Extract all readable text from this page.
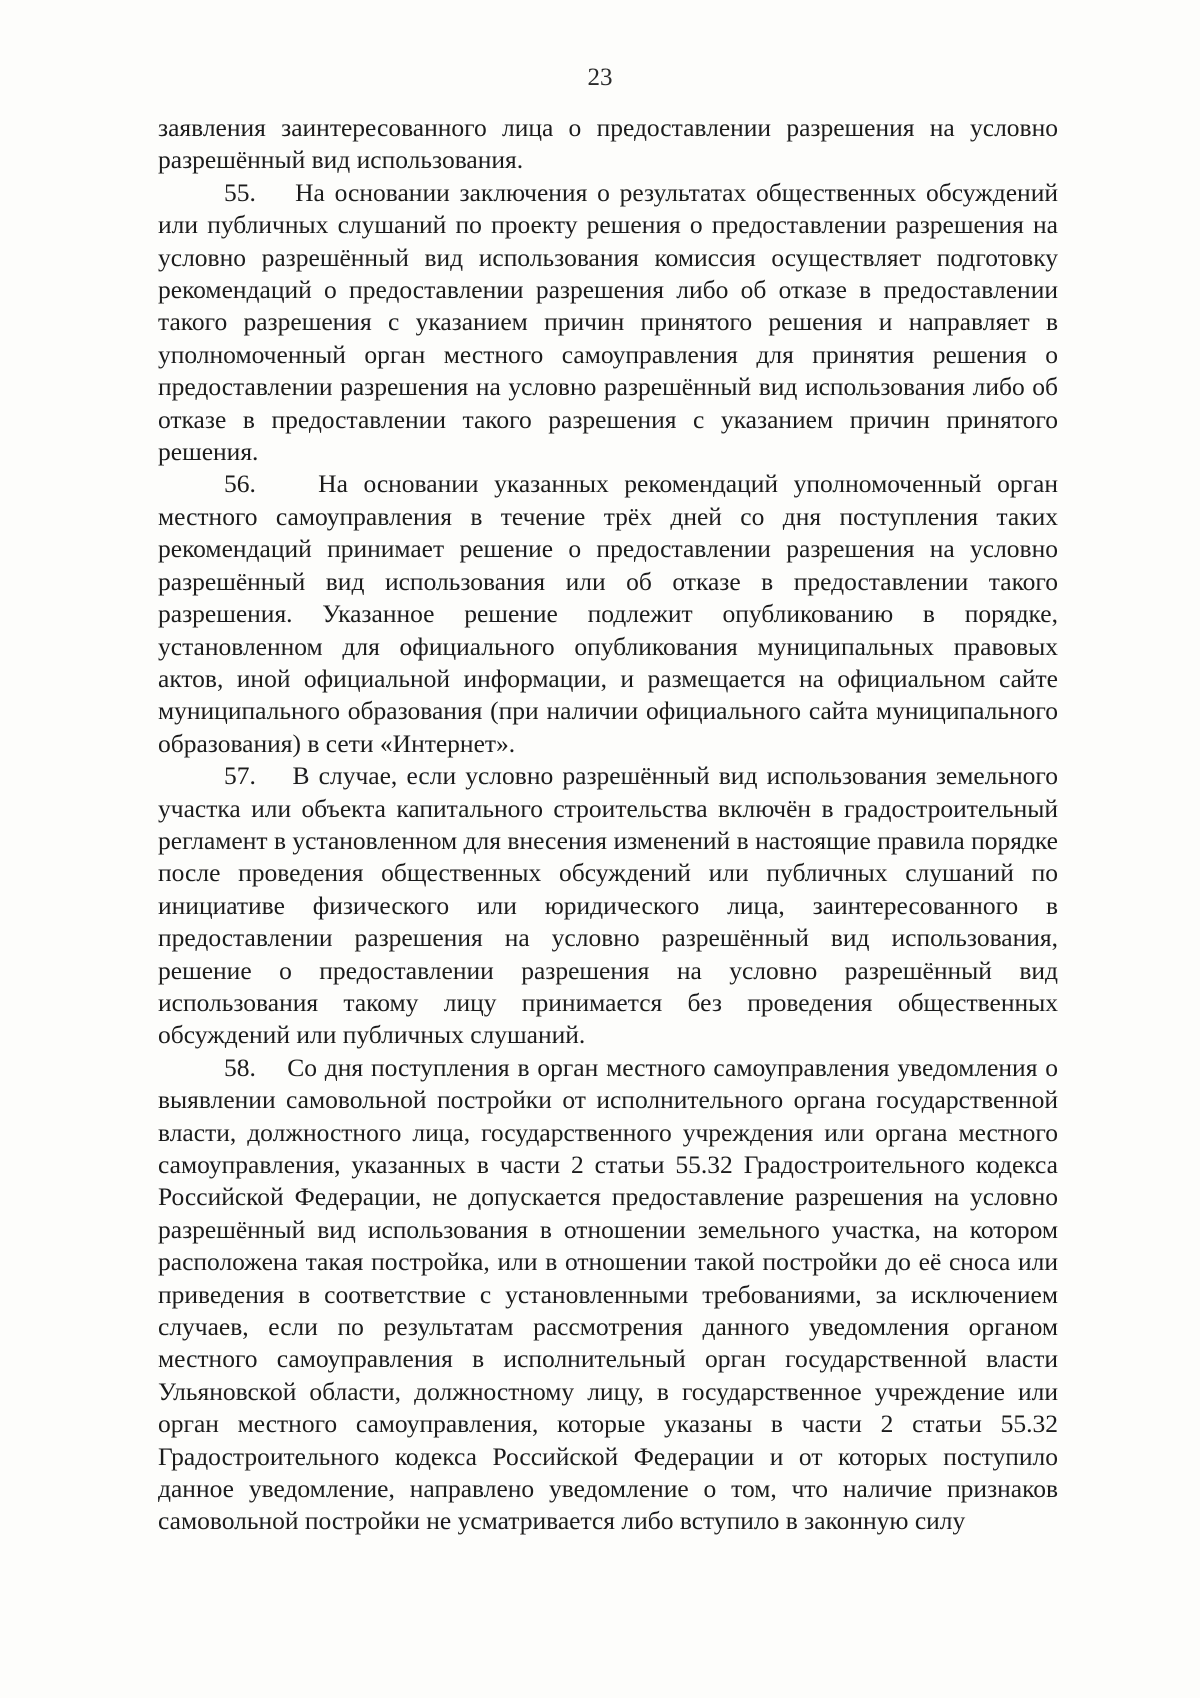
23

заявления заинтересованного лица о предоставлении разрешения на условно разрешённый вид использования.

55. На основании заключения о результатах общественных обсуждений или публичных слушаний по проекту решения о предоставлении разрешения на условно разрешённый вид использования комиссия осуществляет подготовку рекомендаций о предоставлении разрешения либо об отказе в предоставлении такого разрешения с указанием причин принятого решения и направляет в уполномоченный орган местного самоуправления для принятия решения о предоставлении разрешения на условно разрешённый вид использования либо об отказе в предоставлении такого разрешения с указанием причин принятого решения.

56. На основании указанных рекомендаций уполномоченный орган местного самоуправления в течение трёх дней со дня поступления таких рекомендаций принимает решение о предоставлении разрешения на условно разрешённый вид использования или об отказе в предоставлении такого разрешения. Указанное решение подлежит опубликованию в порядке, установленном для официального опубликования муниципальных правовых актов, иной официальной информации, и размещается на официальном сайте муниципального образования (при наличии официального сайта муниципального образования) в сети «Интернет».

57. В случае, если условно разрешённый вид использования земельного участка или объекта капитального строительства включён в градостроительный регламент в установленном для внесения изменений в настоящие правила порядке после проведения общественных обсуждений или публичных слушаний по инициативе физического или юридического лица, заинтересованного в предоставлении разрешения на условно разрешённый вид использования, решение о предоставлении разрешения на условно разрешённый вид использования такому лицу принимается без проведения общественных обсуждений или публичных слушаний.

58. Со дня поступления в орган местного самоуправления уведомления о выявлении самовольной постройки от исполнительного органа государственной власти, должностного лица, государственного учреждения или органа местного самоуправления, указанных в части 2 статьи 55.32 Градостроительного кодекса Российской Федерации, не допускается предоставление разрешения на условно разрешённый вид использования в отношении земельного участка, на котором расположена такая постройка, или в отношении такой постройки до её сноса или приведения в соответствие с установленными требованиями, за исключением случаев, если по результатам рассмотрения данного уведомления органом местного самоуправления в исполнительный орган государственной власти Ульяновской области, должностному лицу, в государственное учреждение или орган местного самоуправления, которые указаны в части 2 статьи 55.32 Градостроительного кодекса Российской Федерации и от которых поступило данное уведомление, направлено уведомление о том, что наличие признаков самовольной постройки не усматривается либо вступило в законную силу
